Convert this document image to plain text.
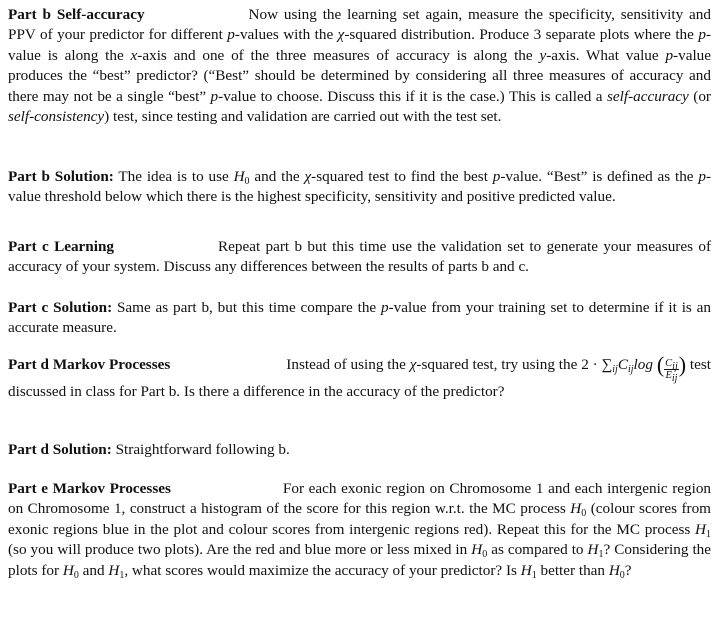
Part b Self-accuracy	Now using the learning set again, measure the specificity, sensitivity and PPV of your predictor for different p-values with the χ-squared distribution. Produce 3 separate plots where the p-value is along the x-axis and one of the three measures of accuracy is along the y-axis. What value p-value produces the “best” predictor? (“Best” should be determined by considering all three measures of accuracy and there may not be a single “best” p-value to choose. Discuss this if it is the case.) This is called a self-accuracy (or self-consistency) test, since testing and validation are carried out with the test set.
Part b Solution: The idea is to use $H_0$ and the χ-squared test to find the best p-value. “Best” is defined as the p-value threshold below which there is the highest specificity, sensitivity and positive predicted value.
Part c Learning	Repeat part b but this time use the validation set to generate your measures of accuracy of your system. Discuss any differences between the results of parts b and c.
Part c Solution: Same as part b, but this time compare the p-value from your training set to determine if it is an accurate measure.
Part d Markov Processes	Instead of using the χ-squared test, try using the $2 \cdot \sum_{ij}C_{ij}\log$ ( $\frac{C_{ij}}{E_{ij}}$ ) test discussed in class for Part b. Is there a difference in the accuracy of the predictor?
Part d Solution: Straightforward following b.
Part e Markov Processes	For each exonic region on Chromosome 1 and each intergenic region on Chromosome 1, construct a histogram of the score for this region w.r.t. the MC process $H_0$ (colour scores from exonic regions blue in the plot and colour scores from intergenic regions red). Repeat this for the MC process $H_1$ (so you will produce two plots). Are the red and blue more or less mixed in $H_0$ as compared to $H_1$? Considering the plots for $H_0$ and $H_1$, what scores would maximize the accuracy of your predictor? Is $H_1$ better than $H_0$?
